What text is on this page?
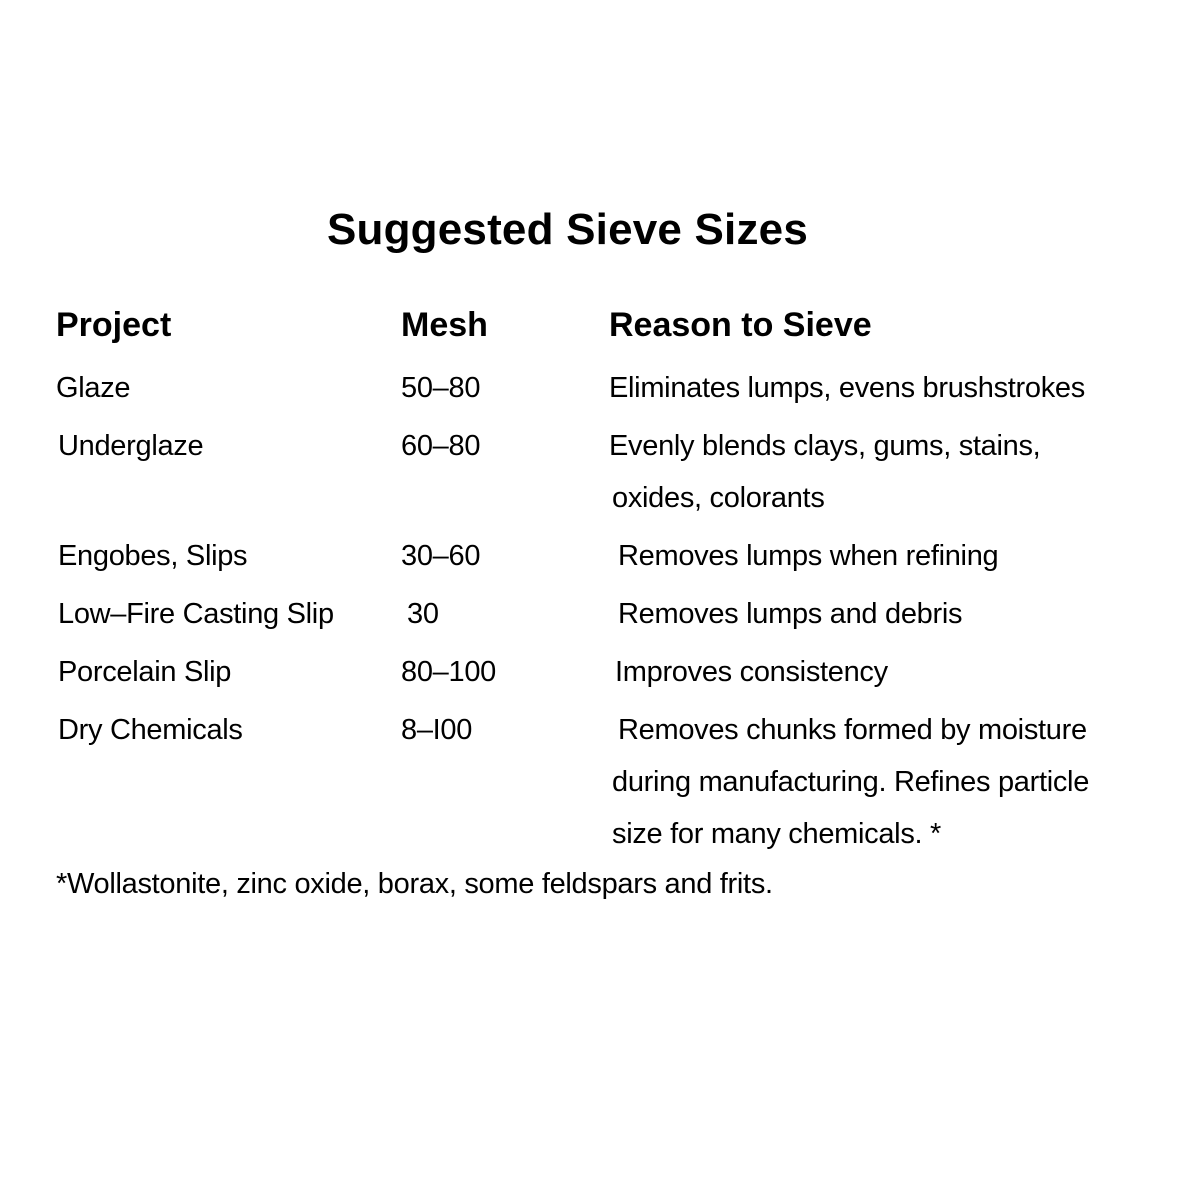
Suggested Sieve Sizes
Project	Mesh	Reason to Sieve
Glaze	50–80	Eliminates lumps, evens brushstrokes
Underglaze	60–80	Evenly blends clays, gums, stains,
oxides, colorants
Engobes, Slips	30–60	Removes lumps when refining
Low–Fire Casting Slip	30	Removes lumps and debris
Porcelain Slip	80–100	Improves consistency
Dry Chemicals	8–I00	Removes chunks formed by moisture
during manufacturing. Refines particle
size for many chemicals. *
*Wollastonite, zinc oxide, borax, some feldspars and frits.
